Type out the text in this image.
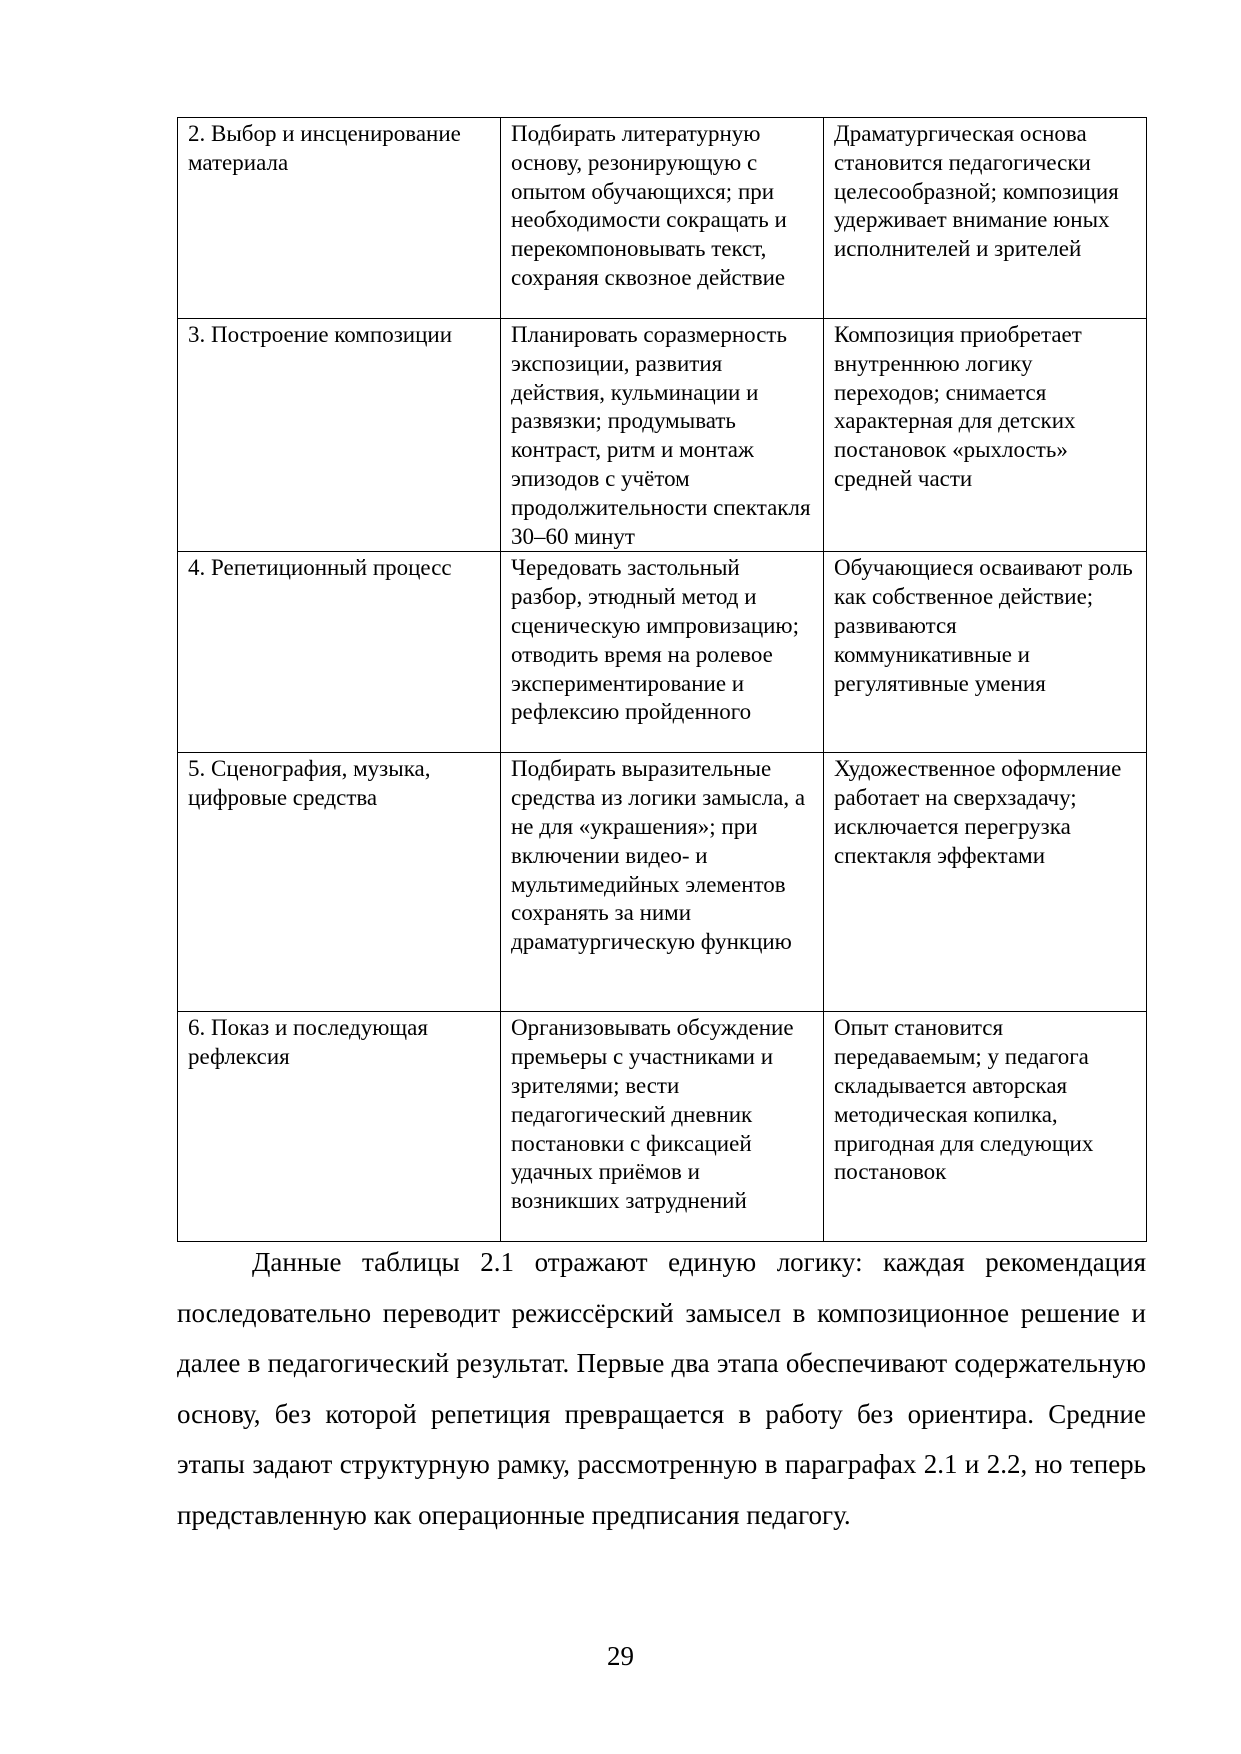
2. Выбор и инсценирование материала	Подбирать литературную основу, резонирующую с опытом обучающихся; при необходимости сокращать и перекомпоновывать текст, сохраняя сквозное действие	Драматургическая основа становится педагогически целесообразной; композиция удерживает внимание юных исполнителей и зрителей
3. Построение композиции	Планировать соразмерность экспозиции, развития действия, кульминации и развязки; продумывать контраст, ритм и монтаж эпизодов с учётом продолжительности спектакля 30–60 минут	Композиция приобретает внутреннюю логику переходов; снимается характерная для детских постановок «рыхлость» средней части
4. Репетиционный процесс	Чередовать застольный разбор, этюдный метод и сценическую импровизацию; отводить время на ролевое экспериментирование и рефлексию пройденного	Обучающиеся осваивают роль как собственное действие; развиваются коммуникативные и регулятивные умения
5. Сценография, музыка, цифровые средства	Подбирать выразительные средства из логики замысла, а не для «украшения»; при включении видео- и мультимедийных элементов сохранять за ними драматургическую функцию	Художественное оформление работает на сверхзадачу; исключается перегрузка спектакля эффектами
6. Показ и последующая рефлексия	Организовывать обсуждение премьеры с участниками и зрителями; вести педагогический дневник постановки с фиксацией удачных приёмов и возникших затруднений	Опыт становится передаваемым; у педагога складывается авторская методическая копилка, пригодная для следующих постановок

Данные таблицы 2.1 отражают единую логику: каждая рекомендация последовательно переводит режиссёрский замысел в композиционное решение и далее в педагогический результат. Первые два этапа обеспечивают содержательную основу, без которой репетиция превращается в работу без ориентира. Средние этапы задают структурную рамку, рассмотренную в параграфах 2.1 и 2.2, но теперь представленную как операционные предписания педагогу.

29
